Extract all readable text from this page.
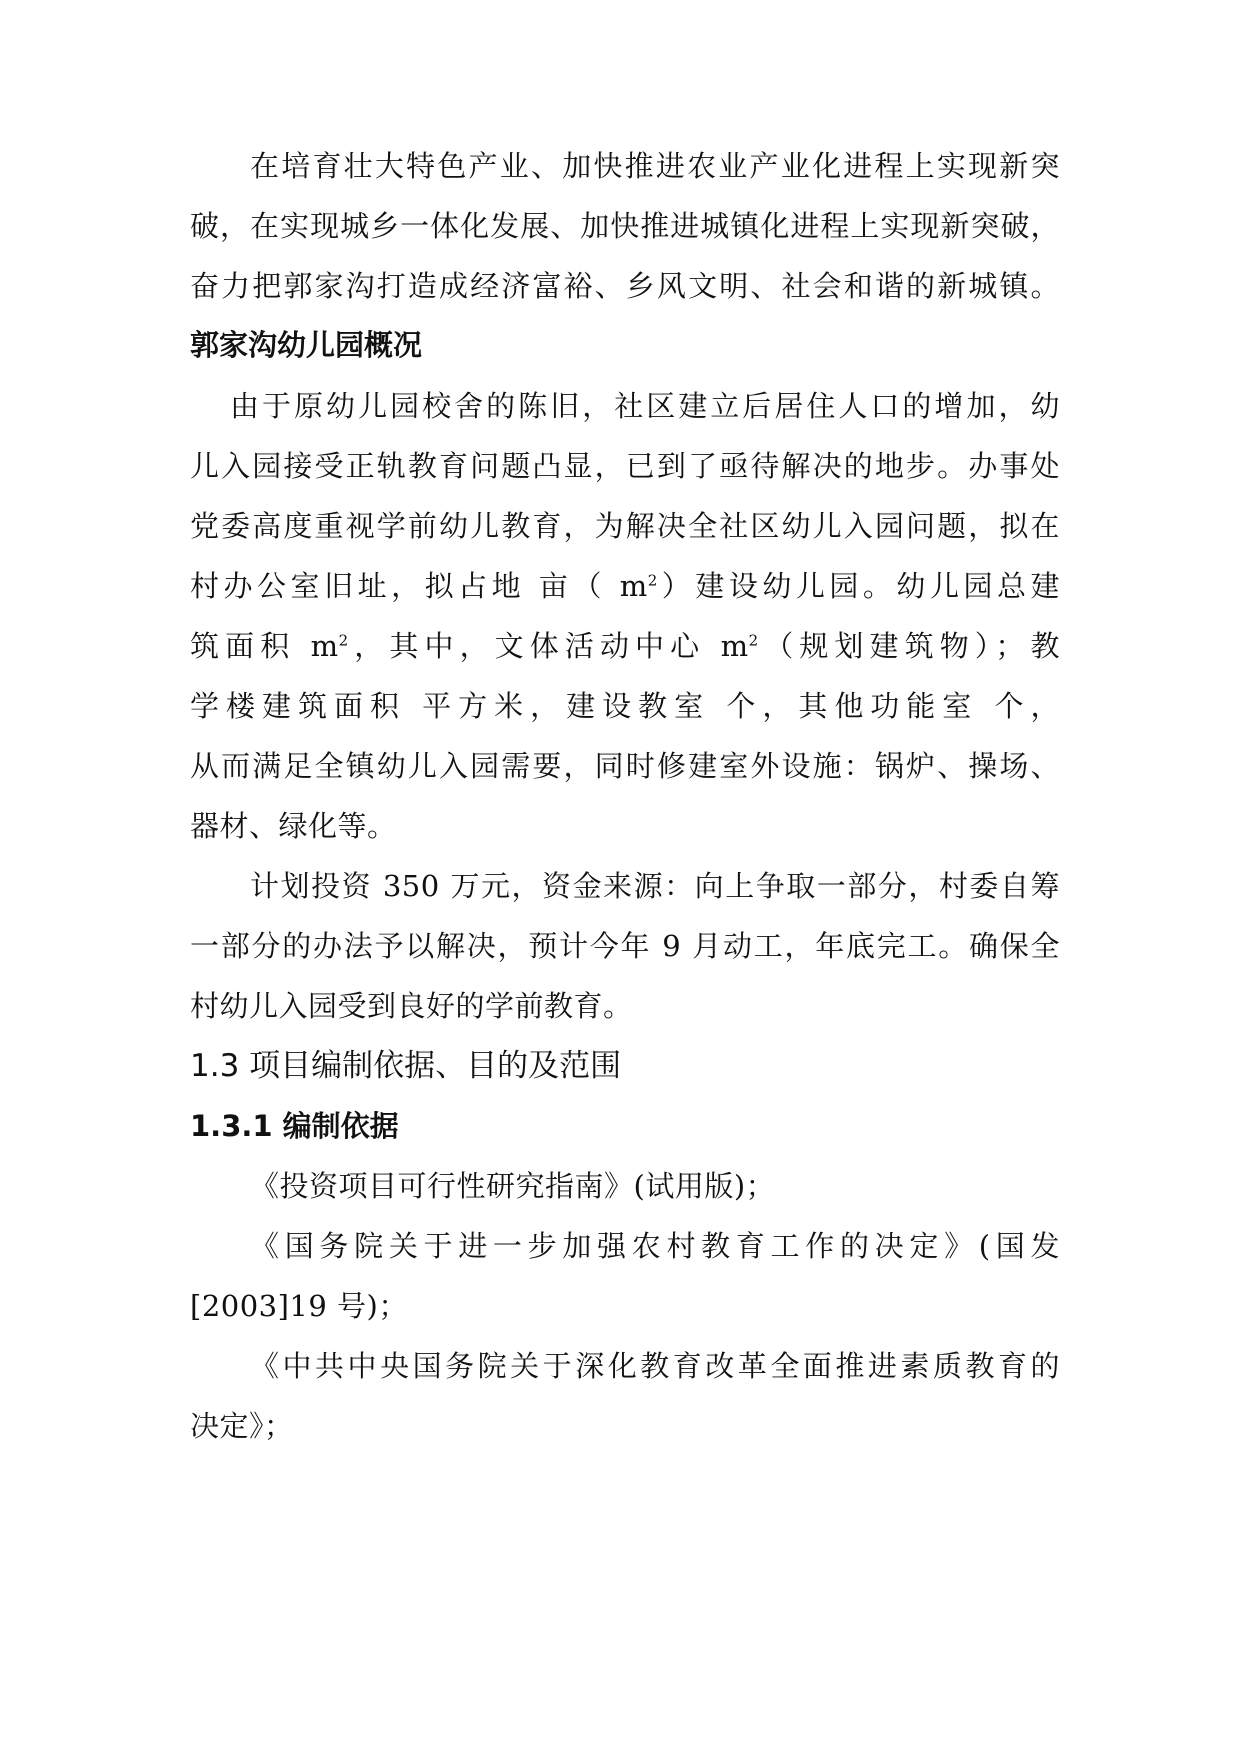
在培育壮大特色产业、加快推进农业产业化进程上实现新突
破，在实现城乡一体化发展、加快推进城镇化进程上实现新突破，
奋力把郭家沟打造成经济富裕、乡风文明、社会和谐的新城镇。
郭家沟幼儿园概况
由于原幼儿园校舍的陈旧，社区建立后居住人口的增加，幼
儿入园接受正轨教育问题凸显，已到了亟待解决的地步。办事处
党委高度重视学前幼儿教育，为解决全社区幼儿入园问题，拟在
村办公室旧址，拟占地 亩（ $m^2$）建设幼儿园。幼儿园总建
筑面积 $m^2$，其中，文体活动中心 $m^2$（规划建筑物）；教
学楼建筑面积 平方米，建设教室 个，其他功能室 个，
从而满足全镇幼儿入园需要，同时修建室外设施：锅炉、操场、
器材、绿化等。
计划投资 350 万元，资金来源：向上争取一部分，村委自筹
一部分的办法予以解决，预计今年 9 月动工，年底完工。确保全
村幼儿入园受到良好的学前教育。
1.3 项目编制依据、目的及范围
1.3.1 编制依据
《投资项目可行性研究指南》(试用版)；
《国务院关于进一步加强农村教育工作的决定》(国发
[2003]19 号)；
《中共中央国务院关于深化教育改革全面推进素质教育的
决定》；
